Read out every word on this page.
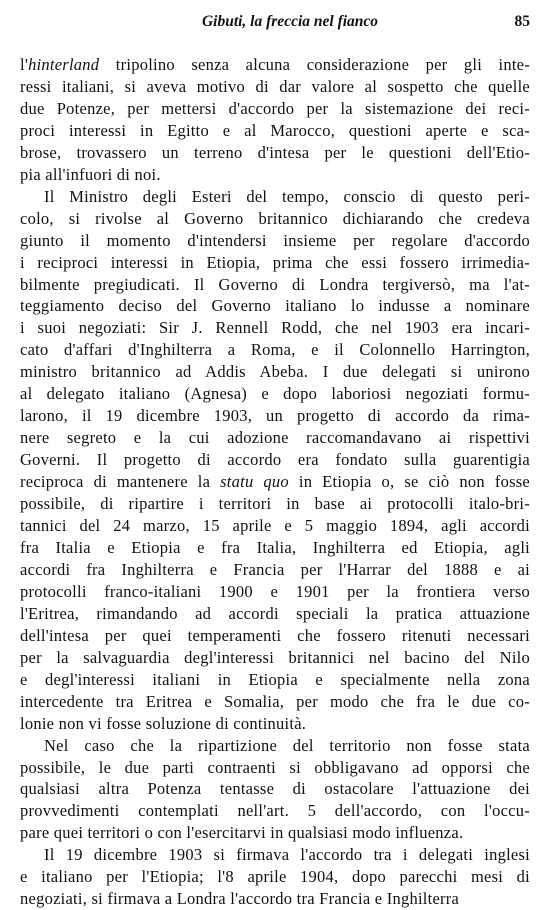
Gibuti, la freccia nel fianco	85
l'hinterland tripolino senza alcuna considerazione per gli inte-
ressi italiani, si aveva motivo di dar valore al sospetto che quelle
due Potenze, per mettersi d'accordo per la sistemazione dei reci-
proci interessi in Egitto e al Marocco, questioni aperte e sca-
brose, trovassero un terreno d'intesa per le questioni dell'Etio-
pia all'infuori di noi.
Il Ministro degli Esteri del tempo, conscio di questo peri-
colo, si rivolse al Governo britannico dichiarando che credeva
giunto il momento d'intendersi insieme per regolare d'accordo
i reciproci interessi in Etiopia, prima che essi fossero irrimedia-
bilmente pregiudicati. Il Governo di Londra tergiversò, ma l'at-
teggiamento deciso del Governo italiano lo indusse a nominare
i suoi negoziati: Sir J. Rennell Rodd, che nel 1903 era incari-
cato d'affari d'Inghilterra a Roma, e il Colonnello Harrington,
ministro britannico ad Addis Abeba. I due delegati si unirono
al delegato italiano (Agnesa) e dopo laboriosi negoziati formu-
larono, il 19 dicembre 1903, un progetto di accordo da rima-
nere segreto e la cui adozione raccomandavano ai rispettivi
Governi. Il progetto di accordo era fondato sulla guarentigia
reciproca di mantenere la statu quo in Etiopia o, se ciò non fosse
possibile, di ripartire i territori in base ai protocolli italo-bri-
tannici del 24 marzo, 15 aprile e 5 maggio 1894, agli accordi
fra Italia e Etiopia e fra Italia, Inghilterra ed Etiopia, agli
accordi fra Inghilterra e Francia per l'Harrar del 1888 e ai
protocolli franco-italiani 1900 e 1901 per la frontiera verso
l'Eritrea, rimandando ad accordi speciali la pratica attuazione
dell'intesa per quei temperamenti che fossero ritenuti necessari
per la salvaguardia degl'interessi britannici nel bacino del Nilo
e degl'interessi italiani in Etiopia e specialmente nella zona
intercedente tra Eritrea e Somalia, per modo che fra le due co-
lonie non vi fosse soluzione di continuità.
Nel caso che la ripartizione del territorio non fosse stata
possibile, le due parti contraenti si obbligavano ad opporsi che
qualsiasi altra Potenza tentasse di ostacolare l'attuazione dei
provvedimenti contemplati nell'art. 5 dell'accordo, con l'occu-
pare quei territori o con l'esercitarvi in qualsiasi modo influenza.
Il 19 dicembre 1903 si firmava l'accordo tra i delegati inglesi
e italiano per l'Etiopia; l'8 aprile 1904, dopo parecchi mesi di
negoziati, si firmava a Londra l'accordo tra Francia e Inghilterra
